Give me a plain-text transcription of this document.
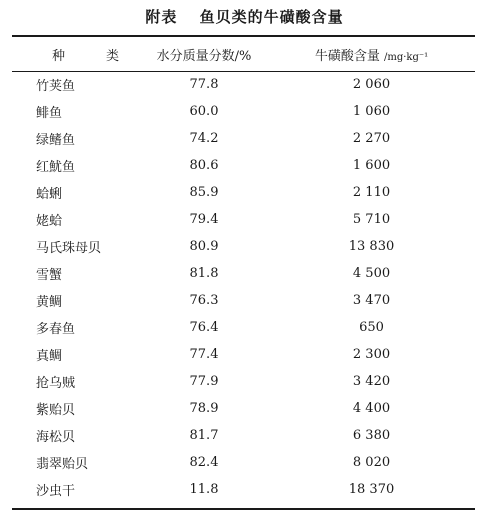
附表　 鱼贝类的牛磺酸含量
种　类	水分质量分数/%	牛磺酸含量 /mg·kg⁻¹
竹荚鱼	77.8	2 060
鲱鱼	60.0	1 060
绿鳍鱼	74.2	2 270
红魷鱼	80.6	1 600
蛤蜊	85.9	2 110
姥蛤	79.4	5 710
马氏珠母贝	80.9	13 830
雪蟹	81.8	4 500
黄鲷	76.3	3 470
多春鱼	76.4	650
真鲷	77.4	2 300
抢乌贼	77.9	3 420
紫贻贝	78.9	4 400
海松贝	81.7	6 380
翡翠贻贝	82.4	8 020
沙虫干	11.8	18 370
